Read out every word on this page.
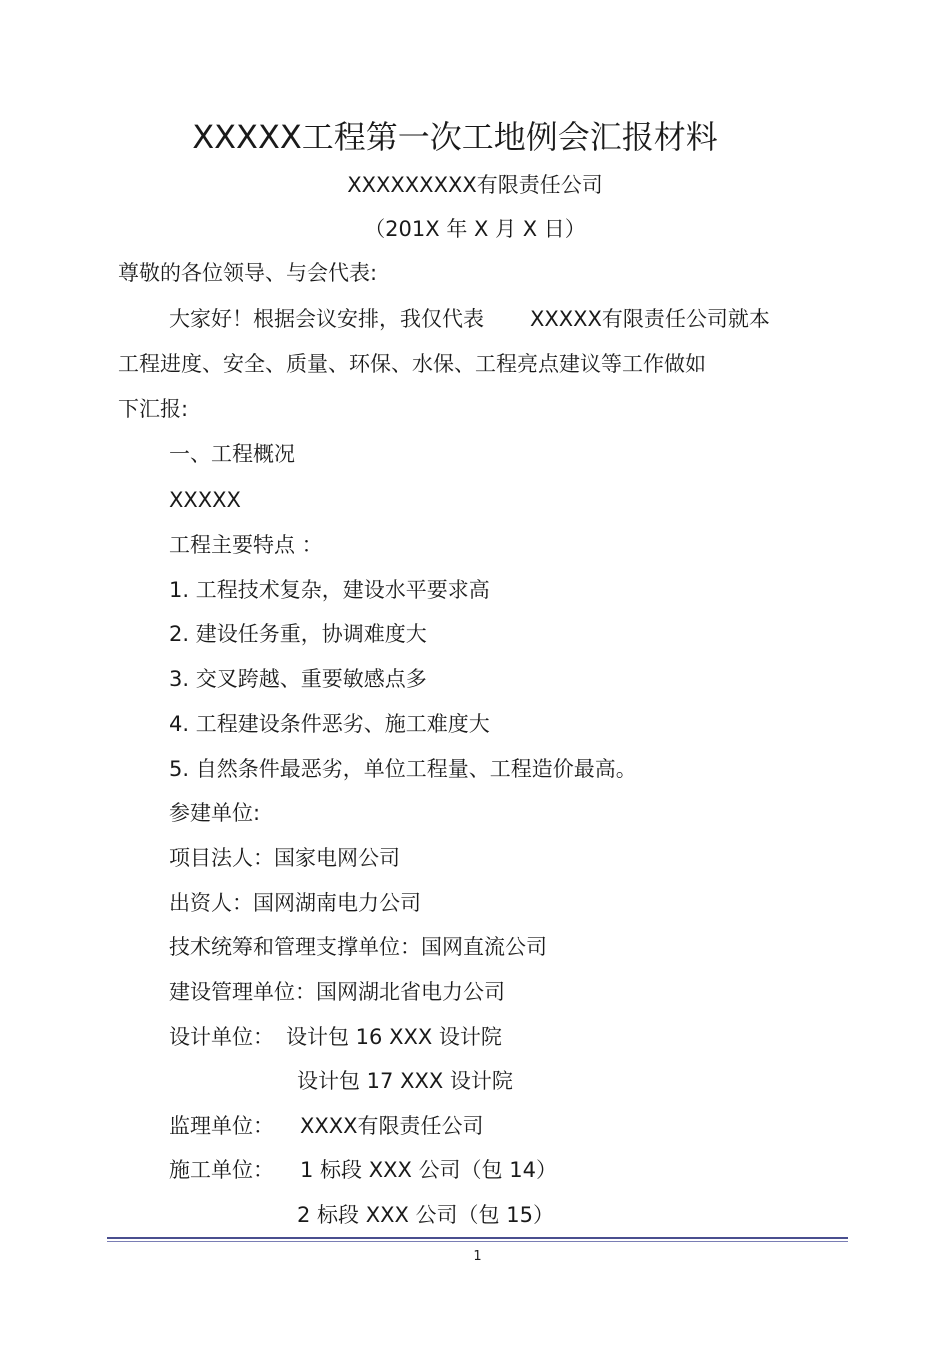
XXXXX工程第一次工地例会汇报材料
XXXXXXXXX有限责任公司
（201X 年 X 月 X 日）
尊敬的各位领导、与会代表:
大家好！根据会议安排，我仅代表 XXXXX有限责任公司就本
工程进度、安全、质量、环保、水保、工程亮点建议等工作做如
下汇报:
一、工程概况
XXXXX
工程主要特点 ：
1. 工程技术复杂，建设水平要求高
2. 建设任务重，协调难度大
3. 交叉跨越、重要敏感点多
4. 工程建设条件恶劣、施工难度大
5. 自然条件最恶劣，单位工程量、工程造价最高。
参建单位:
项目法人：国家电网公司
出资人：国网湖南电力公司
技术统筹和管理支撑单位：国网直流公司
建设管理单位：国网湖北省电力公司
设计单位： 设计包 16 XXX 设计院
设计包 17 XXX 设计院
监理单位： XXXX有限责任公司
施工单位： 1 标段 XXX 公司（包 14）
2 标段 XXX 公司（包 15）
1
